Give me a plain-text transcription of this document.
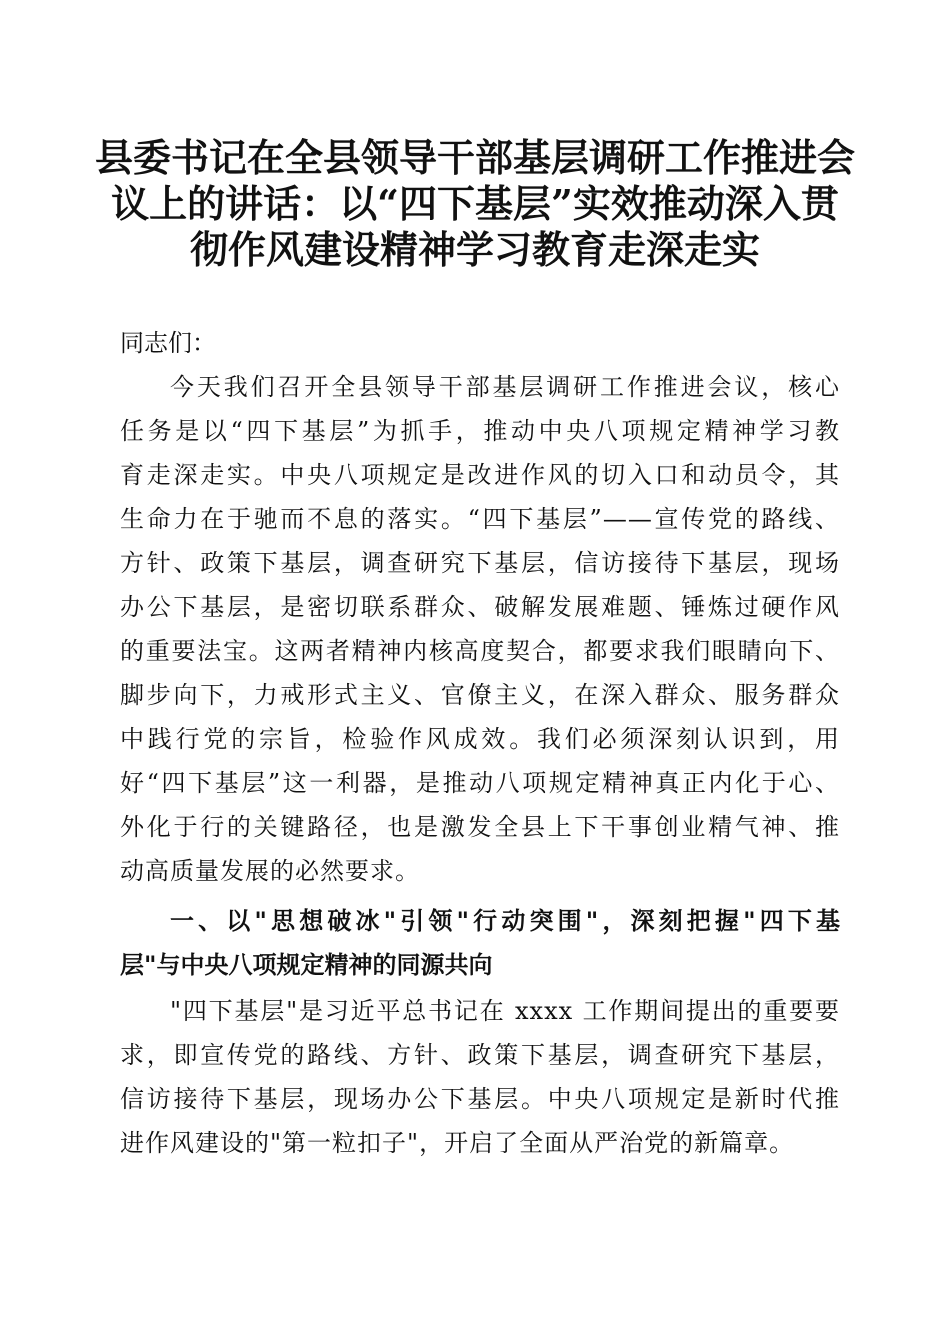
县委书记在全县领导干部基层调研工作推进会
议上的讲话：以“四下基层”实效推动深入贯
彻作风建设精神学习教育走深走实
同志们：
今天我们召开全县领导干部基层调研工作推进会议，核心
任务是以“四下基层”为抓手，推动中央八项规定精神学习教
育走深走实。中央八项规定是改进作风的切入口和动员令，其
生命力在于驰而不息的落实。“四下基层”——宣传党的路线、
方针、政策下基层，调查研究下基层，信访接待下基层，现场
办公下基层，是密切联系群众、破解发展难题、锤炼过硬作风
的重要法宝。这两者精神内核高度契合，都要求我们眼睛向下、
脚步向下，力戒形式主义、官僚主义，在深入群众、服务群众
中践行党的宗旨，检验作风成效。我们必须深刻认识到，用
好“四下基层”这一利器，是推动八项规定精神真正内化于心、
外化于行的关键路径，也是激发全县上下干事创业精气神、推
动高质量发展的必然要求。
一、以"思想破冰"引领"行动突围"，深刻把握"四下基
层"与中央八项规定精神的同源共向
"四下基层"是习近平总书记在 xxxx 工作期间提出的重要要
求，即宣传党的路线、方针、政策下基层，调查研究下基层，
信访接待下基层，现场办公下基层。中央八项规定是新时代推
进作风建设的"第一粒扣子"，开启了全面从严治党的新篇章。
